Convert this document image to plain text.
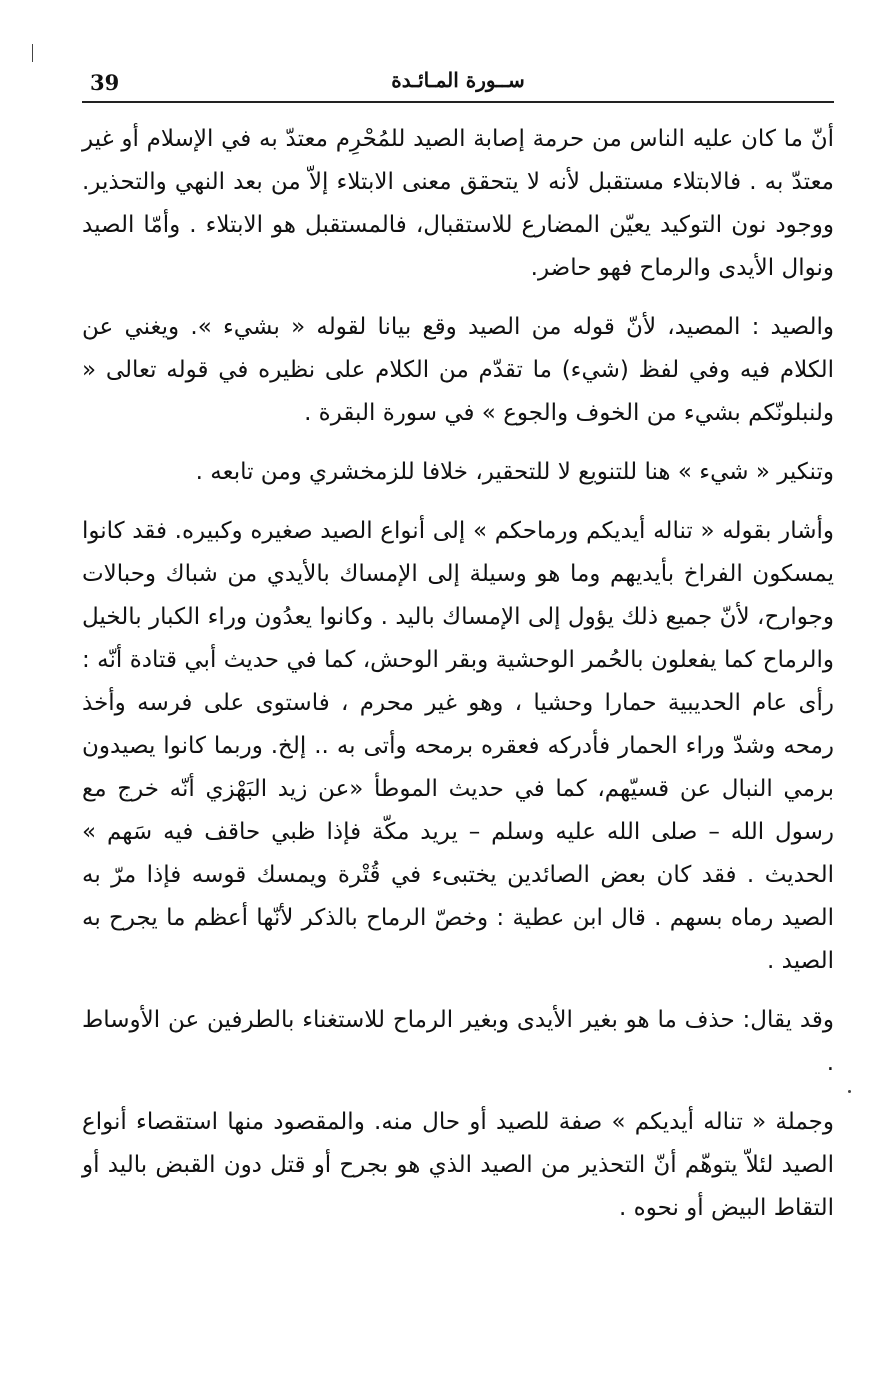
39	ســورة المـائـدة

أنّ ما كان عليه الناس من حرمة إصابة الصيد للمُحْرِم معتدّ به في الإسلام أو غير معتدّ به . فالابتلاء مستقبل لأنه لا يتحقق معنى الابتلاء إلاّ من بعد النهي والتحذير. ووجود نون التوكيد يعيّن المضارع للاستقبال، فالمستقبل هو الابتلاء . وأمّا الصيد ونوال الأيدى والرماح فهو حاضر.

والصيد : المصيد، لأنّ قوله من الصيد وقع بيانا لقوله « بشيء ». ويغني عن الكلام فيه وفي لفظ (شيء) ما تقدّم من الكلام على نظيره في قوله تعالى « ولنبلونّكم بشيء من الخوف والجوع » في سورة البقرة .

وتنكير « شيء » هنا للتنويع لا للتحقير، خلافا للزمخشري ومن تابعه .

وأشار بقوله « تناله أيديكم ورماحكم » إلى أنواع الصيد صغيره وكبيره. فقد كانوا يمسكون الفراخ بأيديهم وما هو وسيلة إلى الإمساك بالأيدي من شباك وحبالات وجوارح، لأنّ جميع ذلك يؤول إلى الإمساك باليد . وكانوا يعدُون وراء الكبار بالخيل والرماح كما يفعلون بالحُمر الوحشية وبقر الوحش، كما في حديث أبي قتادة أنّه : رأى عام الحديبية حمارا وحشيا ، وهو غير محرم ، فاستوى على فرسه وأخذ رمحه وشدّ وراء الحمار فأدركه فعقره برمحه وأتى به .. إلخ. وربما كانوا يصيدون برمي النبال عن قسيّهم، كما في حديث الموطأ «عن زيد البَهْزي أنّه خرج مع رسول الله – صلى الله عليه وسلم – يريد مكّة فإذا ظبي حاقف فيه سَهم » الحديث . فقد كان بعض الصائدين يختبىء في قُتْرة ويمسك قوسه فإذا مرّ به الصيد رماه بسهم . قال ابن عطية : وخصّ الرماح بالذكر لأنّها أعظم ما يجرح به الصيد .

وقد يقال: حذف ما هو بغير الأيدى وبغير الرماح للاستغناء بالطرفين عن الأوساط .

وجملة « تناله أيديكم » صفة للصيد أو حال منه. والمقصود منها استقصاء أنواع الصيد لئلاّ يتوهّم أنّ التحذير من الصيد الذي هو بجرح أو قتل دون القبض باليد أو التقاط البيض أو نحوه .
